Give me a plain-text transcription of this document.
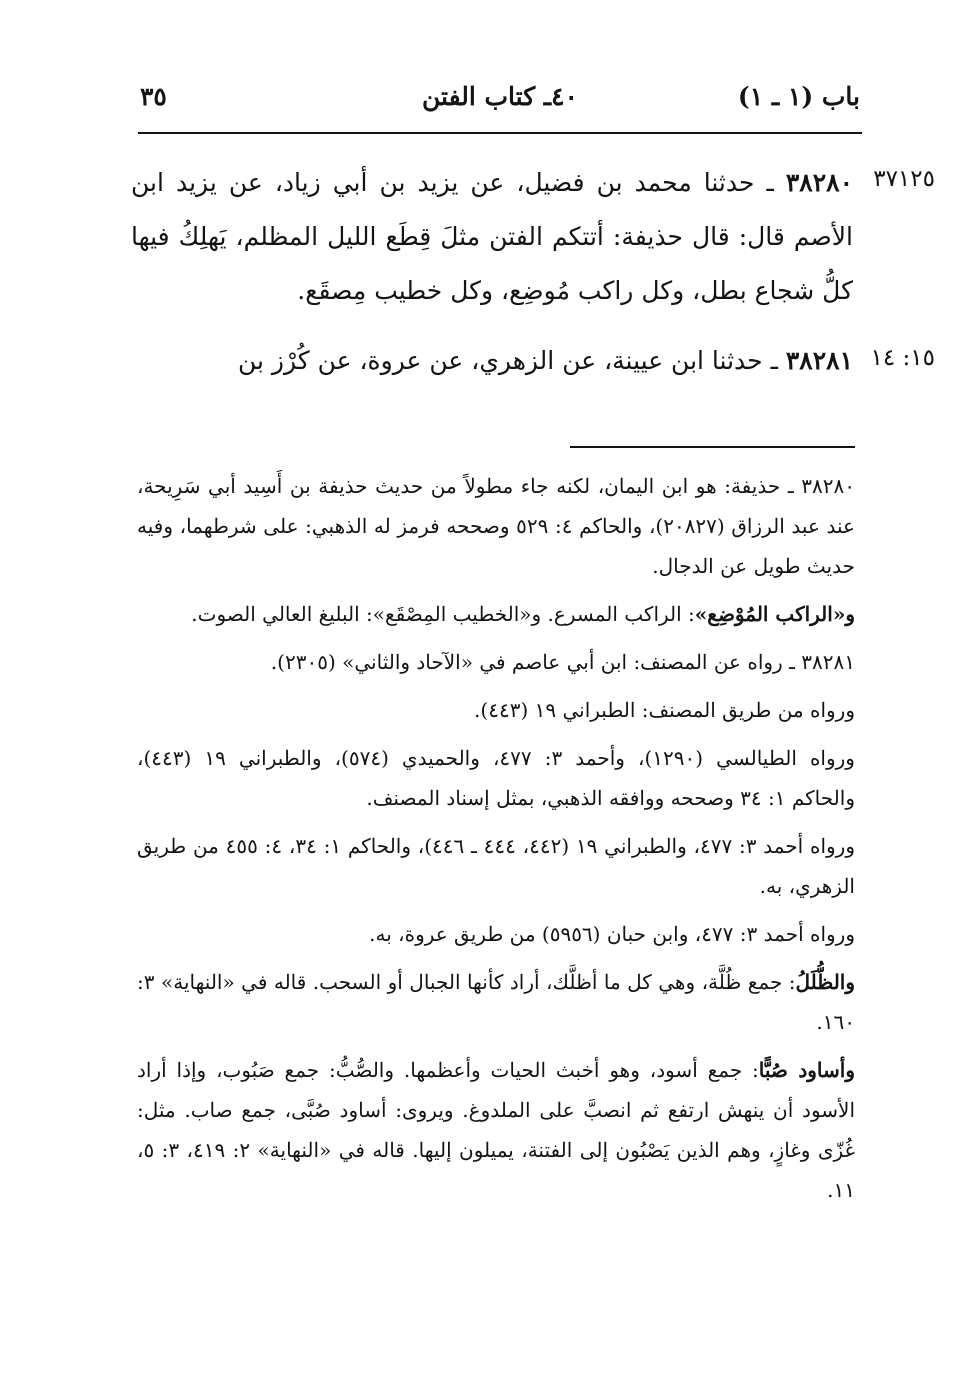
باب (١ ـ ١)
٤٠ـ كتاب الفتن
٣٥
٣٧١٢٥
٣٨٢٨٠ ـ حدثنا محمد بن فضيل، عن يزيد بن أبي زياد، عن يزيد ابن الأصم قال: قال حذيفة: أتتكم الفتن مثلَ قِطَع الليل المظلم، يَهلِكُ فيها كلُّ شجاع بطل، وكل راكب مُوضِع، وكل خطيب مِصقَع.
١٥: ١٤
٣٨٢٨١ ـ حدثنا ابن عيينة، عن الزهري، عن عروة، عن كُرْز بن

٣٨٢٨٠ ـ حذيفة: هو ابن اليمان، لكنه جاء مطولاً من حديث حذيفة بن أَسِيد أبي سَرِيحة، عند عبد الرزاق (٢٠٨٢٧)، والحاكم ٤: ٥٢٩ وصححه فرمز له الذهبي: على شرطهما، وفيه حديث طويل عن الدجال.

و«الراكب المُوْضِع»: الراكب المسرع. و«الخطيب المِصْقَع»: البليغ العالي الصوت.

٣٨٢٨١ ـ رواه عن المصنف: ابن أبي عاصم في «الآحاد والثاني» (٢٣٠٥).

ورواه من طريق المصنف: الطبراني ١٩ (٤٤٣).

ورواه الطيالسي (١٢٩٠)، وأحمد ٣: ٤٧٧، والحميدي (٥٧٤)، والطبراني ١٩ (٤٤٣)، والحاكم ١: ٣٤ وصححه ووافقه الذهبي، بمثل إسناد المصنف.

ورواه أحمد ٣: ٤٧٧، والطبراني ١٩ (٤٤٢، ٤٤٤ ـ ٤٤٦)، والحاكم ١: ٣٤، ٤: ٤٥٥ من طريق الزهري، به.

ورواه أحمد ٣: ٤٧٧، وابن حبان (٥٩٥٦) من طريق عروة، به.

والظُّلَلُ: جمع ظُلَّة، وهي كل ما أظلَّك، أراد كأنها الجبال أو السحب. قاله في «النهاية» ٣: ١٦٠.

وأساود صُبًّا: جمع أسود، وهو أخبث الحيات وأعظمها. والصُّبُّ: جمع صَبُوب، وإذا أراد الأسود أن ينهش ارتفع ثم انصبَّ على الملدوغ. ويروى: أساود صُبَّى، جمع صاب. مثل: غُزّى وغازٍ، وهم الذين يَصْبُون إلى الفتنة، يميلون إليها. قاله في «النهاية» ٢: ٤١٩، ٣: ٥، ١١.
